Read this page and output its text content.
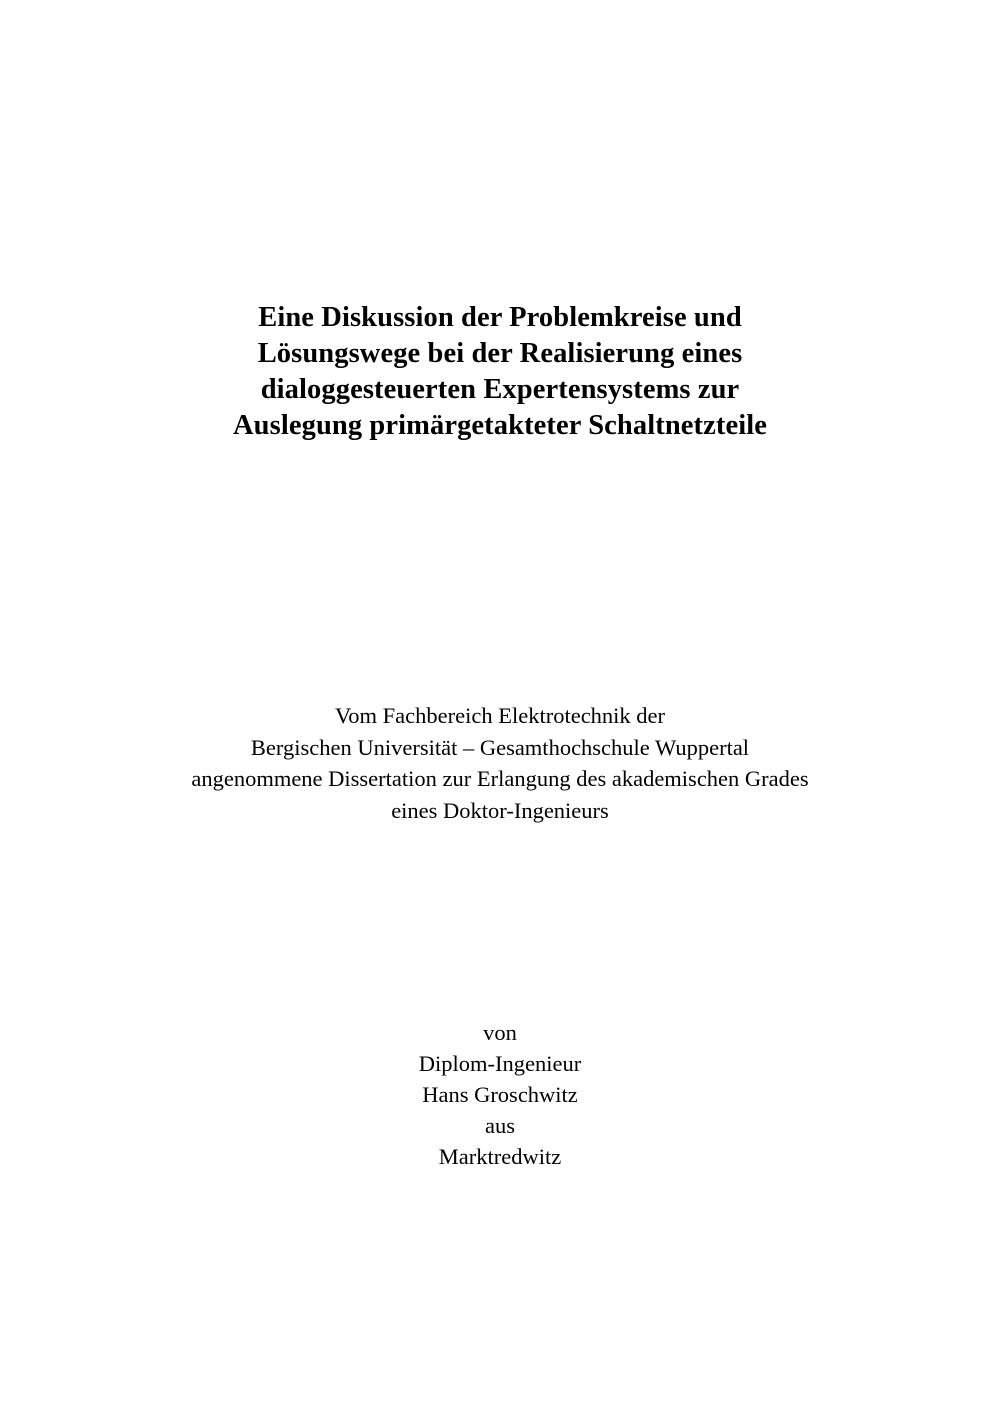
Eine Diskussion der Problemkreise und
Lösungswege bei der Realisierung eines
dialoggesteuerten Expertensystems zur
Auslegung primärgetakteter Schaltnetzteile
Vom Fachbereich Elektrotechnik der
Bergischen Universität – Gesamthochschule Wuppertal
angenommene Dissertation zur Erlangung des akademischen Grades
eines Doktor-Ingenieurs
von
Diplom-Ingenieur
Hans Groschwitz
aus
Marktredwitz
